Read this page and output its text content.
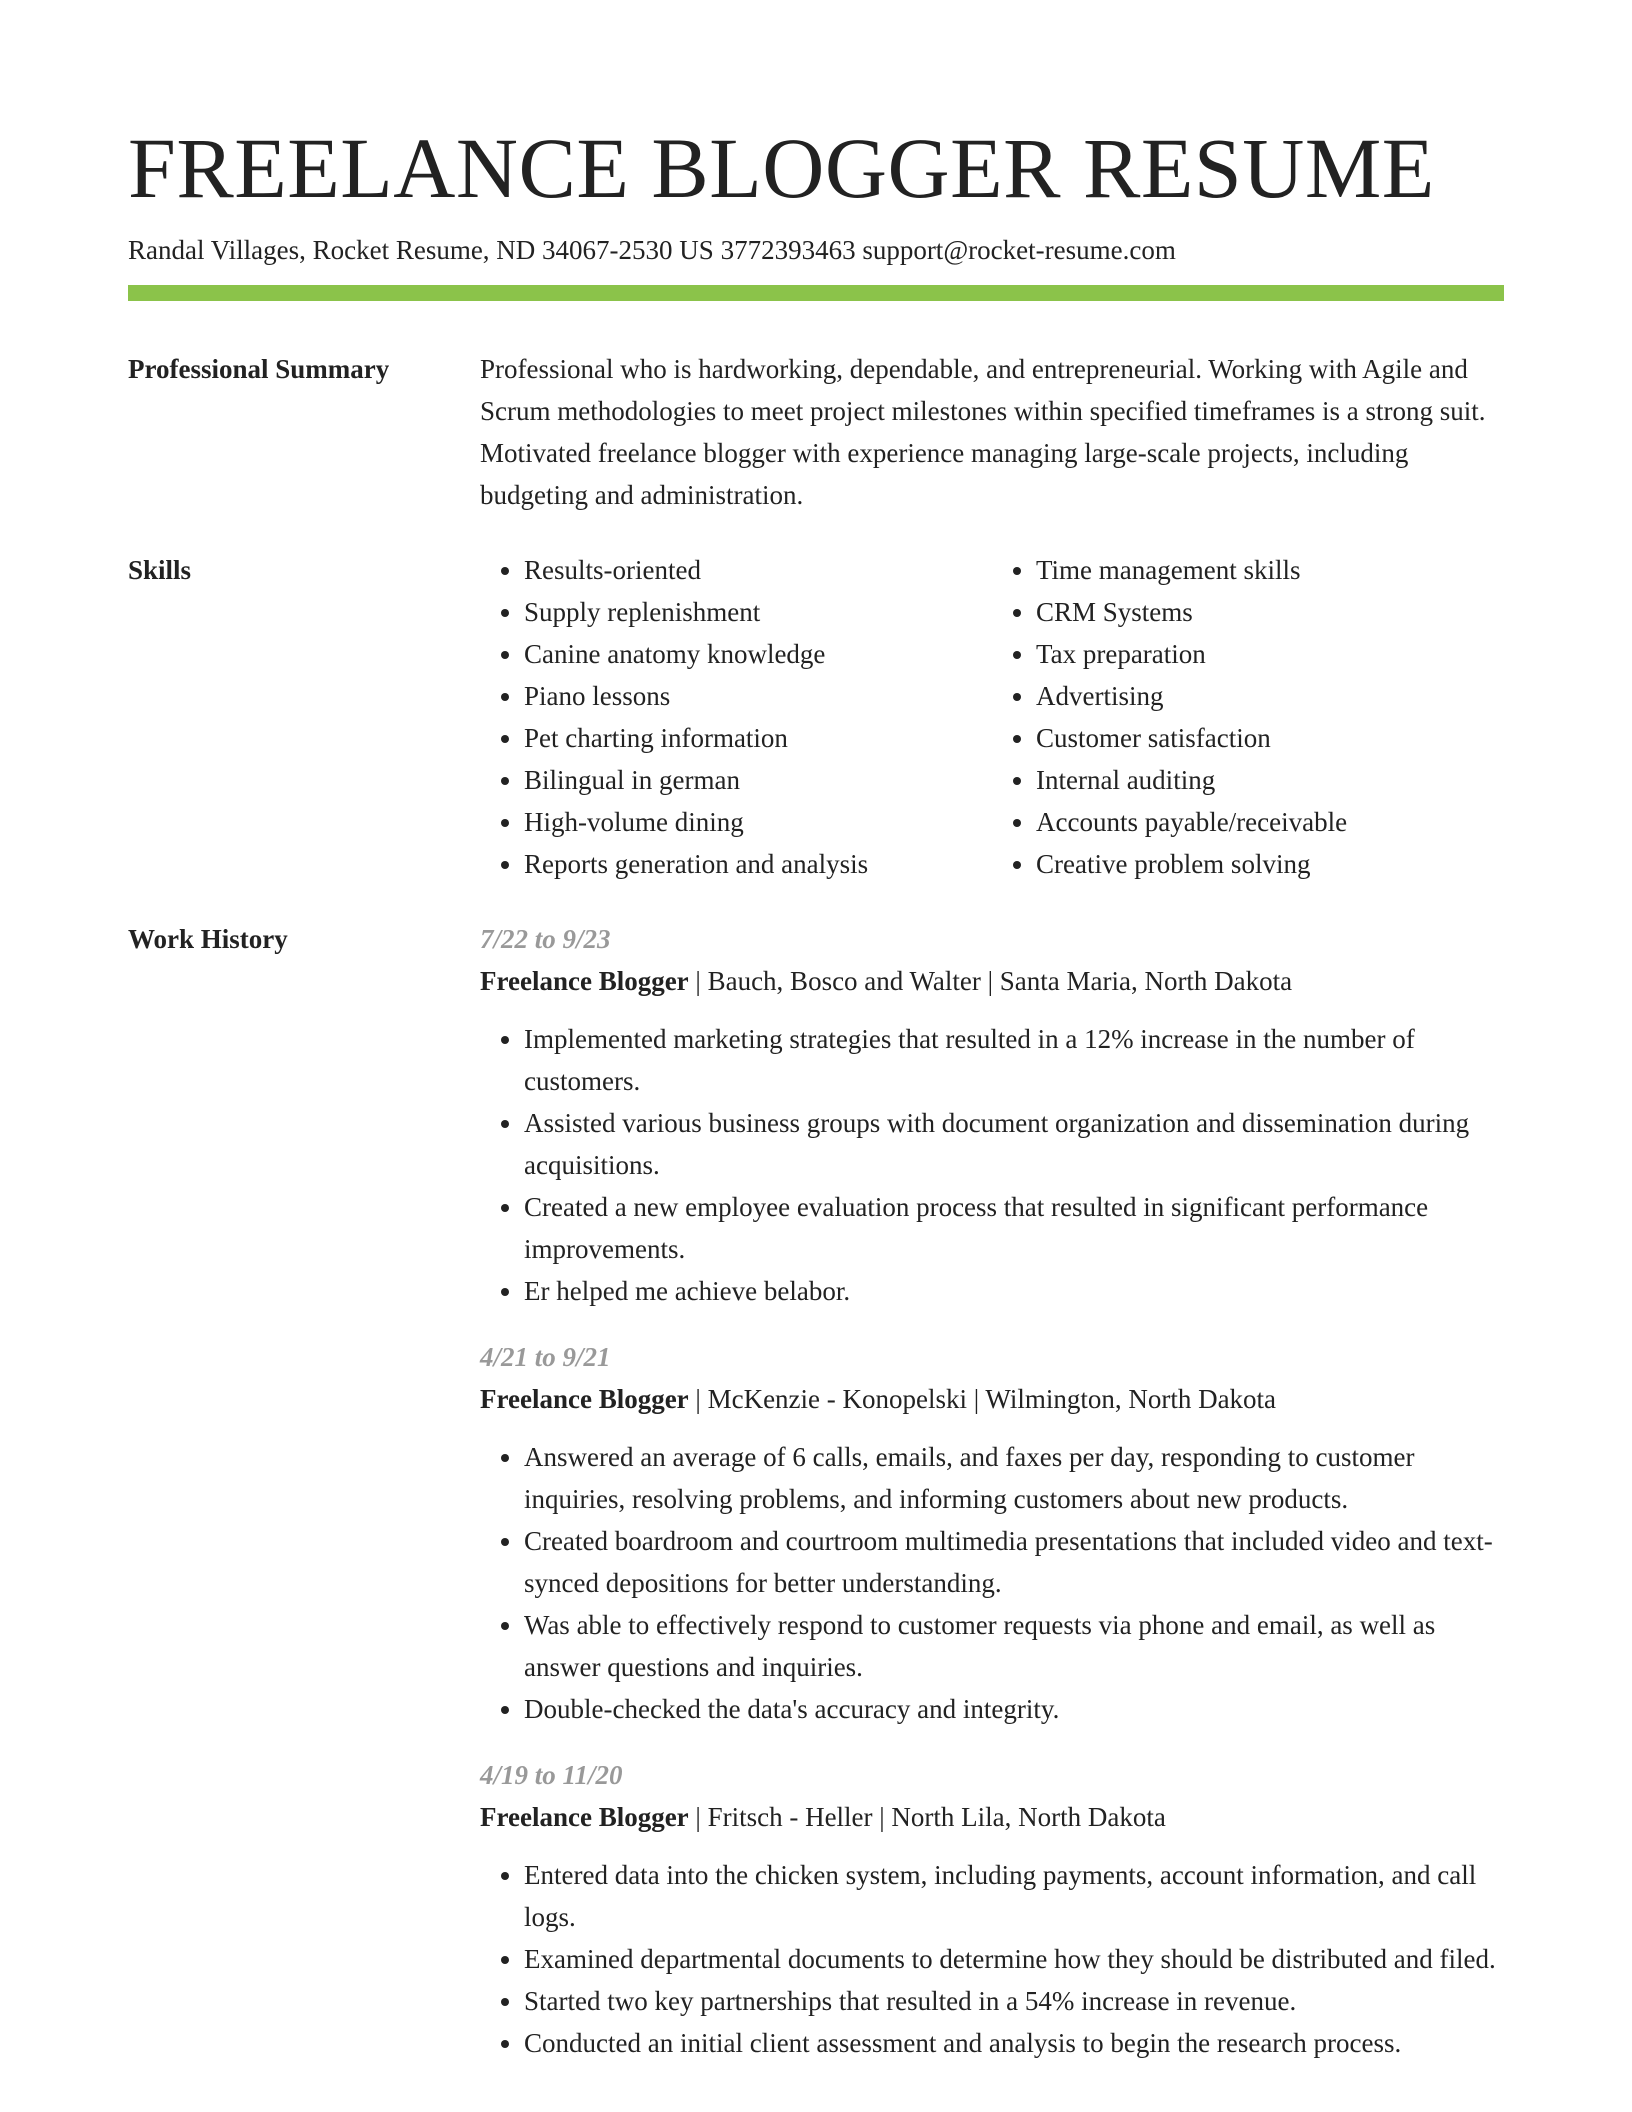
FREELANCE BLOGGER RESUME
Randal Villages, Rocket Resume, ND 34067-2530 US 3772393463 support@rocket-resume.com
Professional Summary	Professional who is hardworking, dependable, and entrepreneurial. Working with Agile and Scrum methodologies to meet project milestones within specified timeframes is a strong suit. Motivated freelance blogger with experience managing large-scale projects, including budgeting and administration.

Skills
•	Results-oriented
• Supply replenishment
• Canine anatomy knowledge
• Piano lessons
• Pet charting information
• Bilingual in german
• High-volume dining
• Reports generation and analysis
• Time management skills
• CRM Systems
• Tax preparation
• Advertising
• Customer satisfaction
• Internal auditing
• Accounts payable/receivable
• Creative problem solving
Work History	7/22 to 9/23
Freelance Blogger | Bauch, Bosco and Walter | Santa Maria, North Dakota
• Implemented marketing strategies that resulted in a 12% increase in the number of customers.
• Assisted various business groups with document organization and dissemination during acquisitions.
• Created a new employee evaluation process that resulted in significant performance improvements.
• Er helped me achieve belabor.
4/21 to 9/21
Freelance Blogger | McKenzie - Konopelski | Wilmington, North Dakota
• Answered an average of 6 calls, emails, and faxes per day, responding to customer inquiries, resolving problems, and informing customers about new products.
• Created boardroom and courtroom multimedia presentations that included video and text-synced depositions for better understanding.
• Was able to effectively respond to customer requests via phone and email, as well as answer questions and inquiries.
• Double-checked the data's accuracy and integrity.
4/19 to 11/20
Freelance Blogger | Fritsch - Heller | North Lila, North Dakota
• Entered data into the chicken system, including payments, account information, and call logs.
• Examined departmental documents to determine how they should be distributed and filed.
• Started two key partnerships that resulted in a 54% increase in revenue.
• Conducted an initial client assessment and analysis to begin the research process.
